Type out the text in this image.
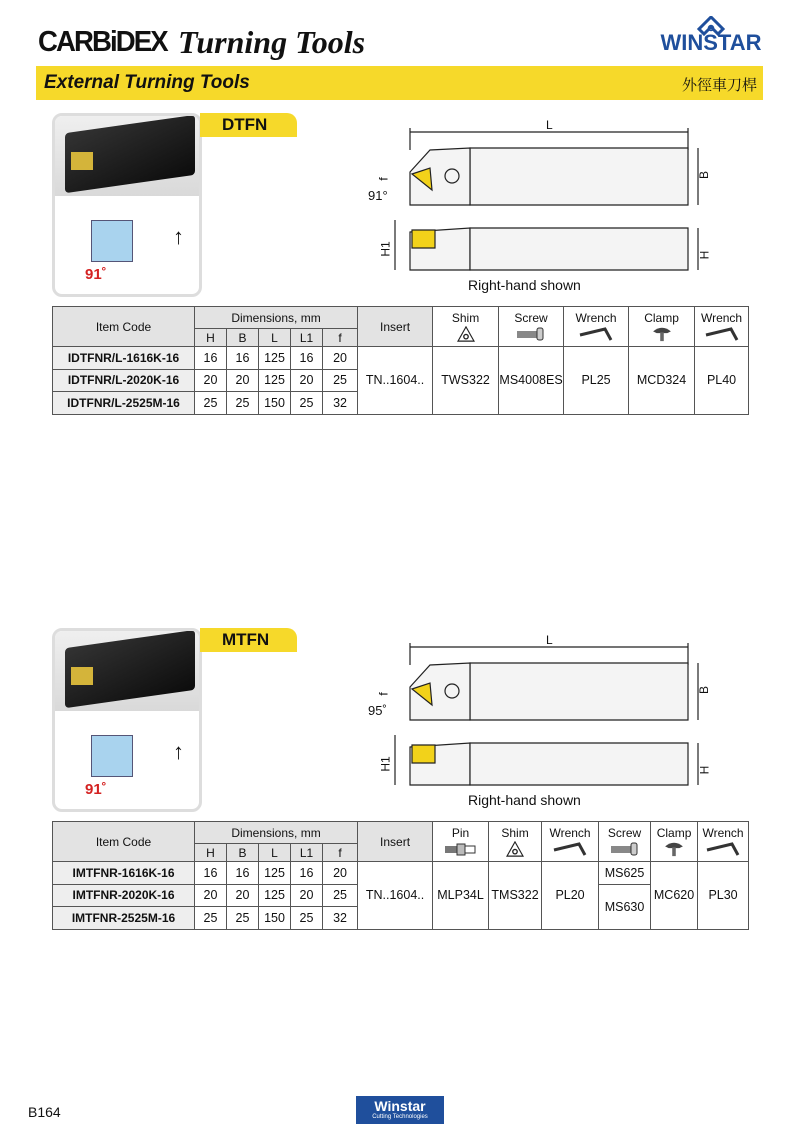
CARBiDEX Turning Tools	WINSTAR
External Turning Tools	外徑車刀桿
↑
91˚
DTFN	L
f	B
H1	H
91°
Right-hand shown
Item Code	Dimensions, mm					Insert	Shim	Screw	Wrench	Clamp	Wrench

	H	B	L	L1	f						
IDTFNR/L-1616K-16	16	16	125	16	20	TN..1604..	TWS322	MS4008ES	PL25	MCD324	PL40
IDTFNR/L-2020K-16	20	20	125	20	25						
IDTFNR/L-2525M-16	25	25	150	25	32						
↑
91˚
MTFN	L
f	B
H1	H
95˚
Right-hand shown
Item Code	Dimensions, mm					Insert	Pin	Shim	Wrench	Screw	Clamp	Wrench

	H	B	L	L1	f							
IMTFNR-1616K-16	16	16	125	16	20	TN..1604..	MLP34L	TMS322	PL20	MS625	MC620	PL30
IMTFNR-2020K-16	20	20	125	20	25					MS630		
IMTFNR-2525M-16	25	25	150	25	32							
B164	Winstar
Cutting Technologies
